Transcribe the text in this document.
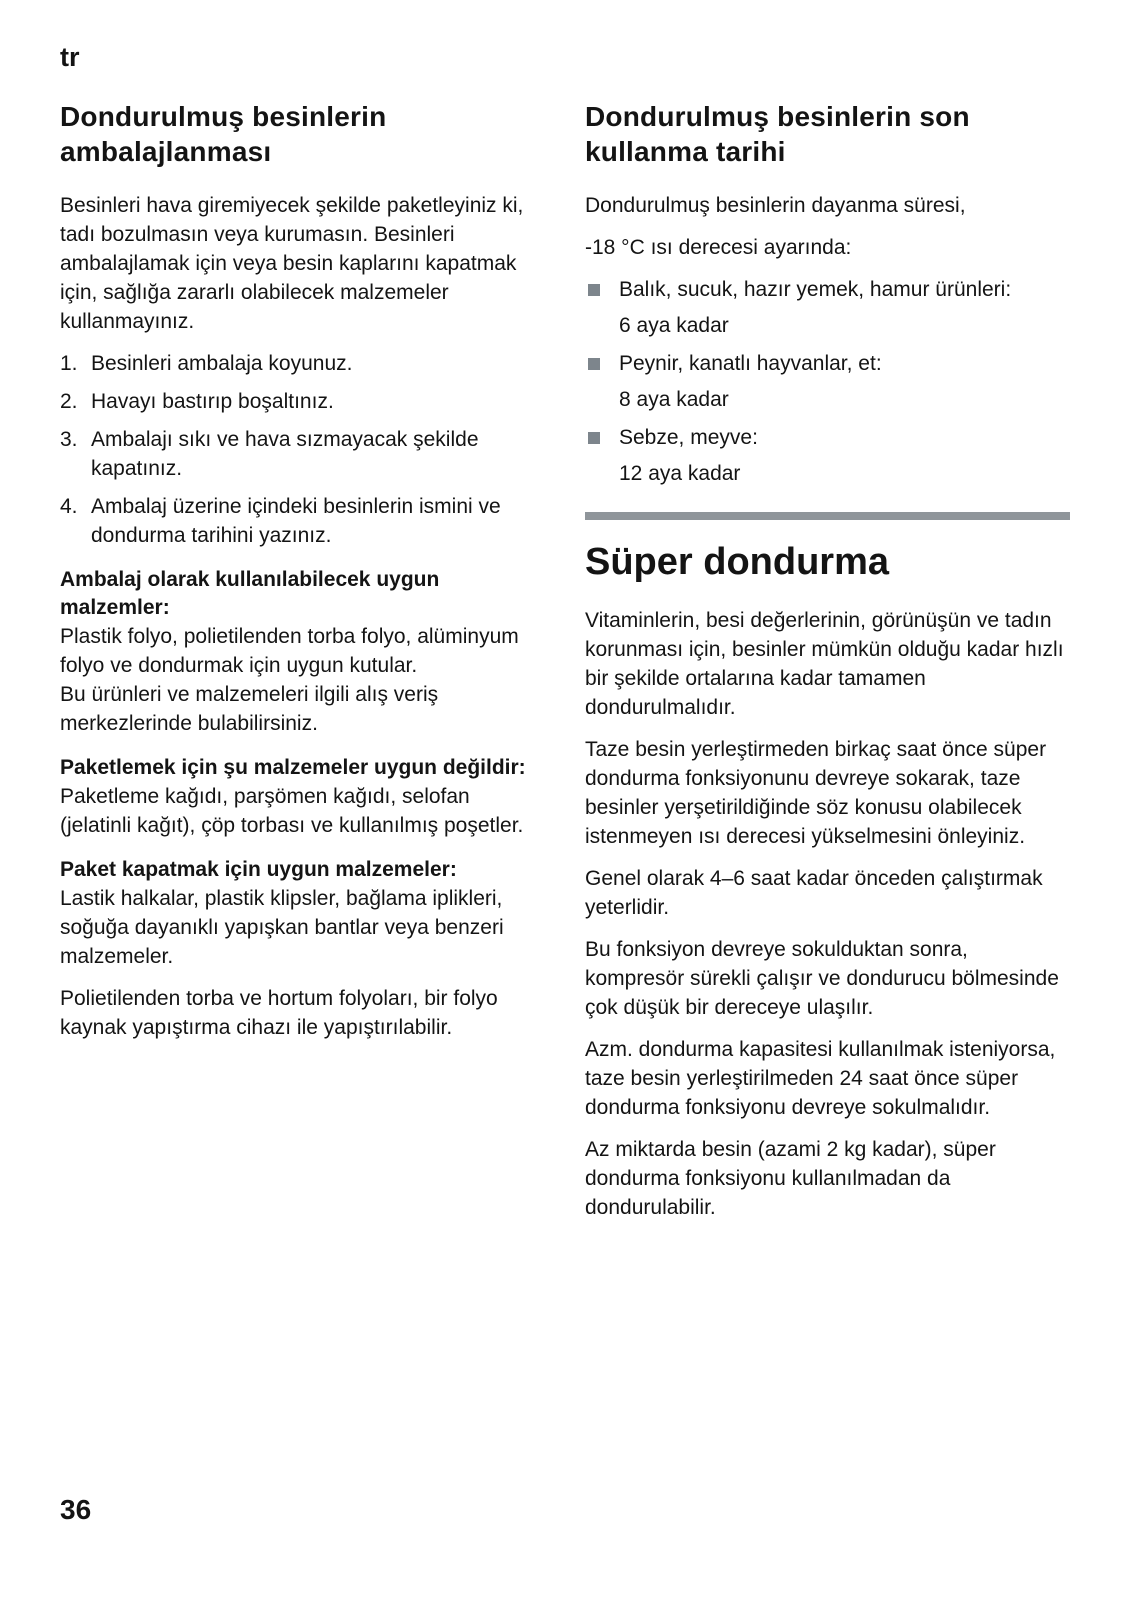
tr
Dondurulmuş besinlerin ambalajlanması

Besinleri hava giremiyecek şekilde paketleyiniz ki, tadı bozulmasın veya kurumasın. Besinleri ambalajlamak için veya besin kaplarını kapatmak için, sağlığa zararlı olabilecek malzemeler kullanmayınız.

1. Besinleri ambalaja koyunuz.
2. Havayı bastırıp boşaltınız.
3. Ambalajı sıkı ve hava sızmayacak şekilde kapatınız.
4. Ambalaj üzerine içindeki besinlerin ismini ve dondurma tarihini yazınız.
Ambalaj olarak kullanılabilecek uygun malzemler:

Plastik folyo, polietilenden torba folyo, alüminyum folyo ve dondurmak için uygun kutular.

Bu ürünleri ve malzemeleri ilgili alış veriş merkezlerinde bulabilirsiniz.

Paketlemek için şu malzemeler uygun değildir:

Paketleme kağıdı, parşömen kağıdı, selofan (jelatinli kağıt), çöp torbası ve kullanılmış poşetler.

Paket kapatmak için uygun malzemeler:

Lastik halkalar, plastik klipsler, bağlama iplikleri, soğuğa dayanıklı yapışkan bantlar veya benzeri malzemeler.

Polietilenden torba ve hortum folyoları, bir folyo kaynak yapıştırma cihazı ile yapıştırılabilir.

Dondurulmuş besinlerin son kullanma tarihi

Dondurulmuş besinlerin dayanma süresi,

-18 °C ısı derecesi ayarında:

Balık, sucuk, hazır yemek, hamur ürünleri:
6 aya kadar
Peynir, kanatlı hayvanlar, et:
8 aya kadar
Sebze, meyve:
12 aya kadar
Süper dondurma

Vitaminlerin, besi değerlerinin, görünüşün ve tadın korunması için, besinler mümkün olduğu kadar hızlı bir şekilde ortalarına kadar tamamen dondurulmalıdır.

Taze besin yerleştirmeden birkaç saat önce süper dondurma fonksiyonunu devreye sokarak, taze besinler yerşetirildiğinde söz konusu olabilecek istenmeyen ısı derecesi yükselmesini önleyiniz.

Genel olarak 4–6 saat kadar önceden çalıştırmak yeterlidir.

Bu fonksiyon devreye sokulduktan sonra, kompresör sürekli çalışır ve dondurucu bölmesinde çok düşük bir dereceye ulaşılır.

Azm. dondurma kapasitesi kullanılmak isteniyorsa, taze besin yerleştirilmeden 24 saat önce süper dondurma fonksiyonu devreye sokulmalıdır.

Az miktarda besin (azami 2 kg kadar), süper dondurma fonksiyonu kullanılmadan da dondurulabilir.

36
